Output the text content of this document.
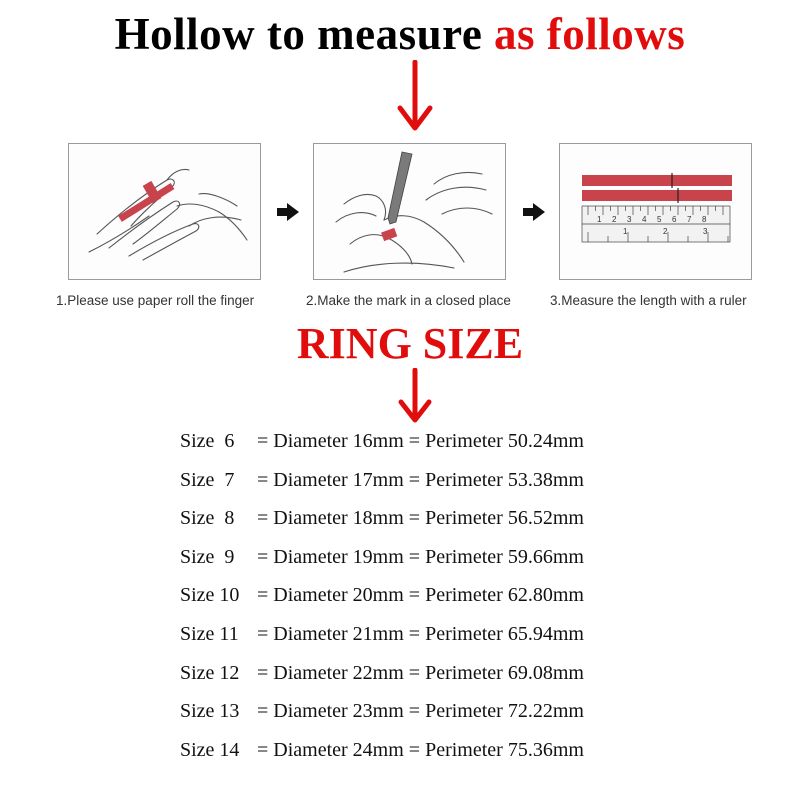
Hollow to measure as follows
1 2 3 4 5 6 7 8
1	2	3
1.Please use paper roll the finger	2.Make the mark in a closed place	3.Measure the length with a ruler
RING SIZE
Size  6 = Diameter 16mm = Perimeter 50.24mm
Size  7 = Diameter 17mm = Perimeter 53.38mm
Size  8 = Diameter 18mm = Perimeter 56.52mm
Size  9 = Diameter 19mm = Perimeter 59.66mm
Size 10 = Diameter 20mm = Perimeter 62.80mm
Size 11 = Diameter 21mm = Perimeter 65.94mm
Size 12 = Diameter 22mm = Perimeter 69.08mm
Size 13 = Diameter 23mm = Perimeter 72.22mm
Size 14 = Diameter 24mm = Perimeter 75.36mm
